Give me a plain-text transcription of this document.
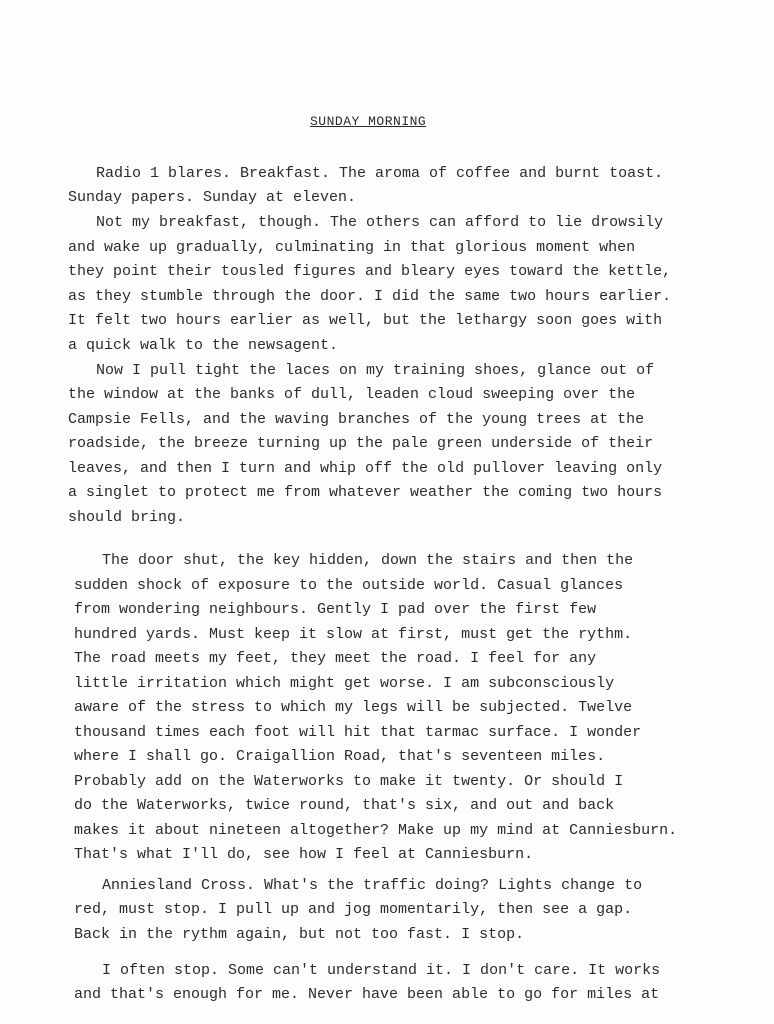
SUNDAY MORNING
Radio 1 blares. Breakfast. The aroma of coffee and burnt toast.
Sunday papers. Sunday at eleven.
Not my breakfast, though. The others can afford to lie drowsily
and wake up gradually, culminating in that glorious moment when
they point their tousled figures and bleary eyes toward the kettle,
as they stumble through the door. I did the same two hours earlier.
It felt two hours earlier as well, but the lethargy soon goes with
a quick walk to the newsagent.
Now I pull tight the laces on my training shoes, glance out of
the window at the banks of dull, leaden cloud sweeping over the
Campsie Fells, and the waving branches of the young trees at the
roadside, the breeze turning up the pale green underside of their
leaves, and then I turn and whip off the old pullover leaving only
a singlet to protect me from whatever weather the coming two hours
should bring.
The door shut, the key hidden, down the stairs and then the
sudden shock of exposure to the outside world. Casual glances
from wondering neighbours. Gently I pad over the first few
hundred yards. Must keep it slow at first, must get the rythm.
The road meets my feet, they meet the road. I feel for any
little irritation which might get worse. I am subconsciously
aware of the stress to which my legs will be subjected. Twelve
thousand times each foot will hit that tarmac surface. I wonder
where I shall go. Craigallion Road, that's seventeen miles.
Probably add on the Waterworks to make it twenty. Or should I
do the Waterworks, twice round, that's six, and out and back
makes it about nineteen altogether? Make up my mind at Canniesburn.
That's what I'll do, see how I feel at Canniesburn.
Anniesland Cross. What's the traffic doing? Lights change to
red, must stop. I pull up and jog momentarily, then see a gap.
Back in the rythm again, but not too fast. I stop.
I often stop. Some can't understand it. I don't care. It works
and that's enough for me. Never have been able to go for miles at
